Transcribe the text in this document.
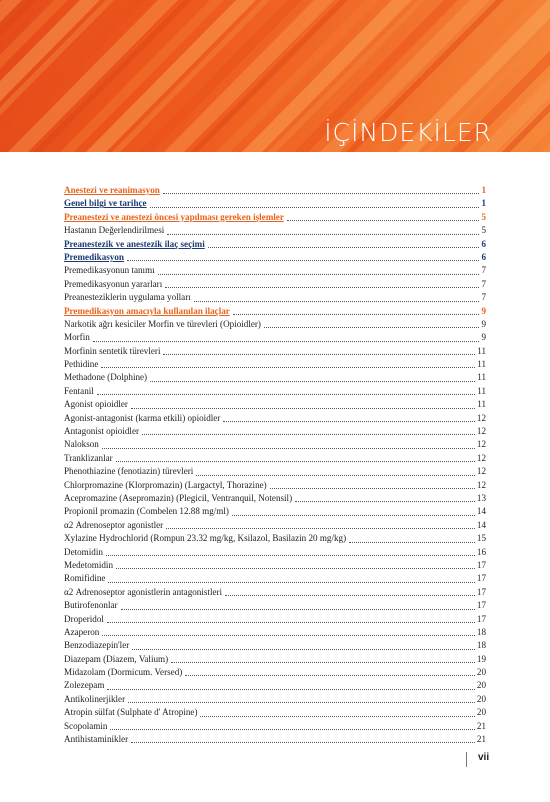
İÇİNDEKİLER
Anestezi ve reanimasyon	1
Genel bilgi ve tarihçe	1
Preanestezi ve anestezi öncesi yapılması gereken işlemler	5
Hastanın Değerlendirilmesi	5
Preanestezik ve anestezik ilaç seçimi	6
Premedikasyon	6
Premedikasyonun tanımı	7
Premedikasyonun yararları	7
Preanesteziklerin uygulama yolları	7
Premedikasyon amacıyla kullanılan ilaçlar	9
Narkotik ağrı kesiciler Morfin ve türevleri (Opioidler)	9
Morfin	9
Morfinin sentetik türevleri	11
Pethidine	11
Methadone (Dolphine)	11
Fentanil	11
Agonist opioidler	11
Agonist-antagonist (karma etkili) opioidler	12
Antagonist opioidler	12
Nalokson	12
Tranklizanlar	12
Phenothiazine (fenotiazin) türevleri	12
Chlorpromazine (Klorpromazin) (Largactyl, Thorazine)	12
Acepromazine (Asepromazin) (Plegicil, Ventranquil, Notensil)	13
Propionil promazin (Combelen 12.88 mg/ml)	14
α2 Adrenoseptor agonistler	14
Xylazine Hydrochlorid (Rompun 23.32 mg/kg, Ksilazol, Basilazin 20 mg/kg)	15
Detomidin	16
Medetomidin	17
Romifidine	17
α2 Adrenoseptor agonistlerin antagonistleri	17
Butirofenonlar	17
Droperidol	17
Azaperon	18
Benzodiazepin'ler	18
Diazepam (Diazem, Valium)	19
Midazolam (Dormicum. Versed)	20
Zolezepam	20
Antikolinerjikler	20
Atropin sülfat (Sulphate d' Atropine)	20
Scopolamin	21
Antihistaminikler	21
vii
